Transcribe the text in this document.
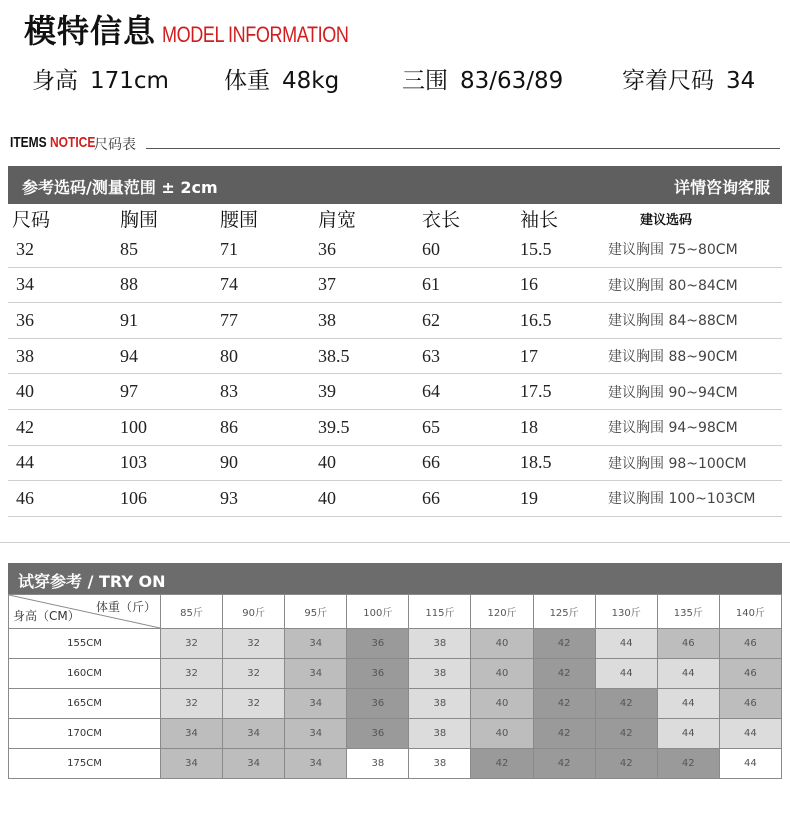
模特信息 MODEL INFORMATION
身高 171cm 体重 48kg	三围 83/63/89	穿着尺码 34
ITEMS NOTICE
尺码表
参考选码/测量范围 ± 2cm	详情咨询客服
尺码	胸围	腰围	肩宽	衣长	袖长	建议选码
32	85	71	36	60	15.5	建议胸围 75~80CM
34	88	74	37	61	16	建议胸围 80~84CM
36	91	77	38	62	16.5	建议胸围 84~88CM
38	94	80	38.5	63	17	建议胸围 88~90CM
40	97	83	39	64	17.5	建议胸围 90~94CM
42	100	86	39.5	65	18	建议胸围 94~98CM
44	103	90	40	66	18.5	建议胸围 98~100CM
46	106	93	40	66	19	建议胸围 100~103CM
试穿参考 / TRY ON
体重（斤）
身高（CM）	85斤	90斤	95斤	100斤	115斤	120斤	125斤	130斤	135斤	140斤
155CM	32	32	34	36	38	40	42	44	46	46
160CM	32	32	34	36	38	40	42	44	44	46
165CM	32	32	34	36	38	40	42	42	44	46
170CM	34	34	34	36	38	40	42	42	44	44
175CM	34	34	34	38	38	42	42	42	42	44
